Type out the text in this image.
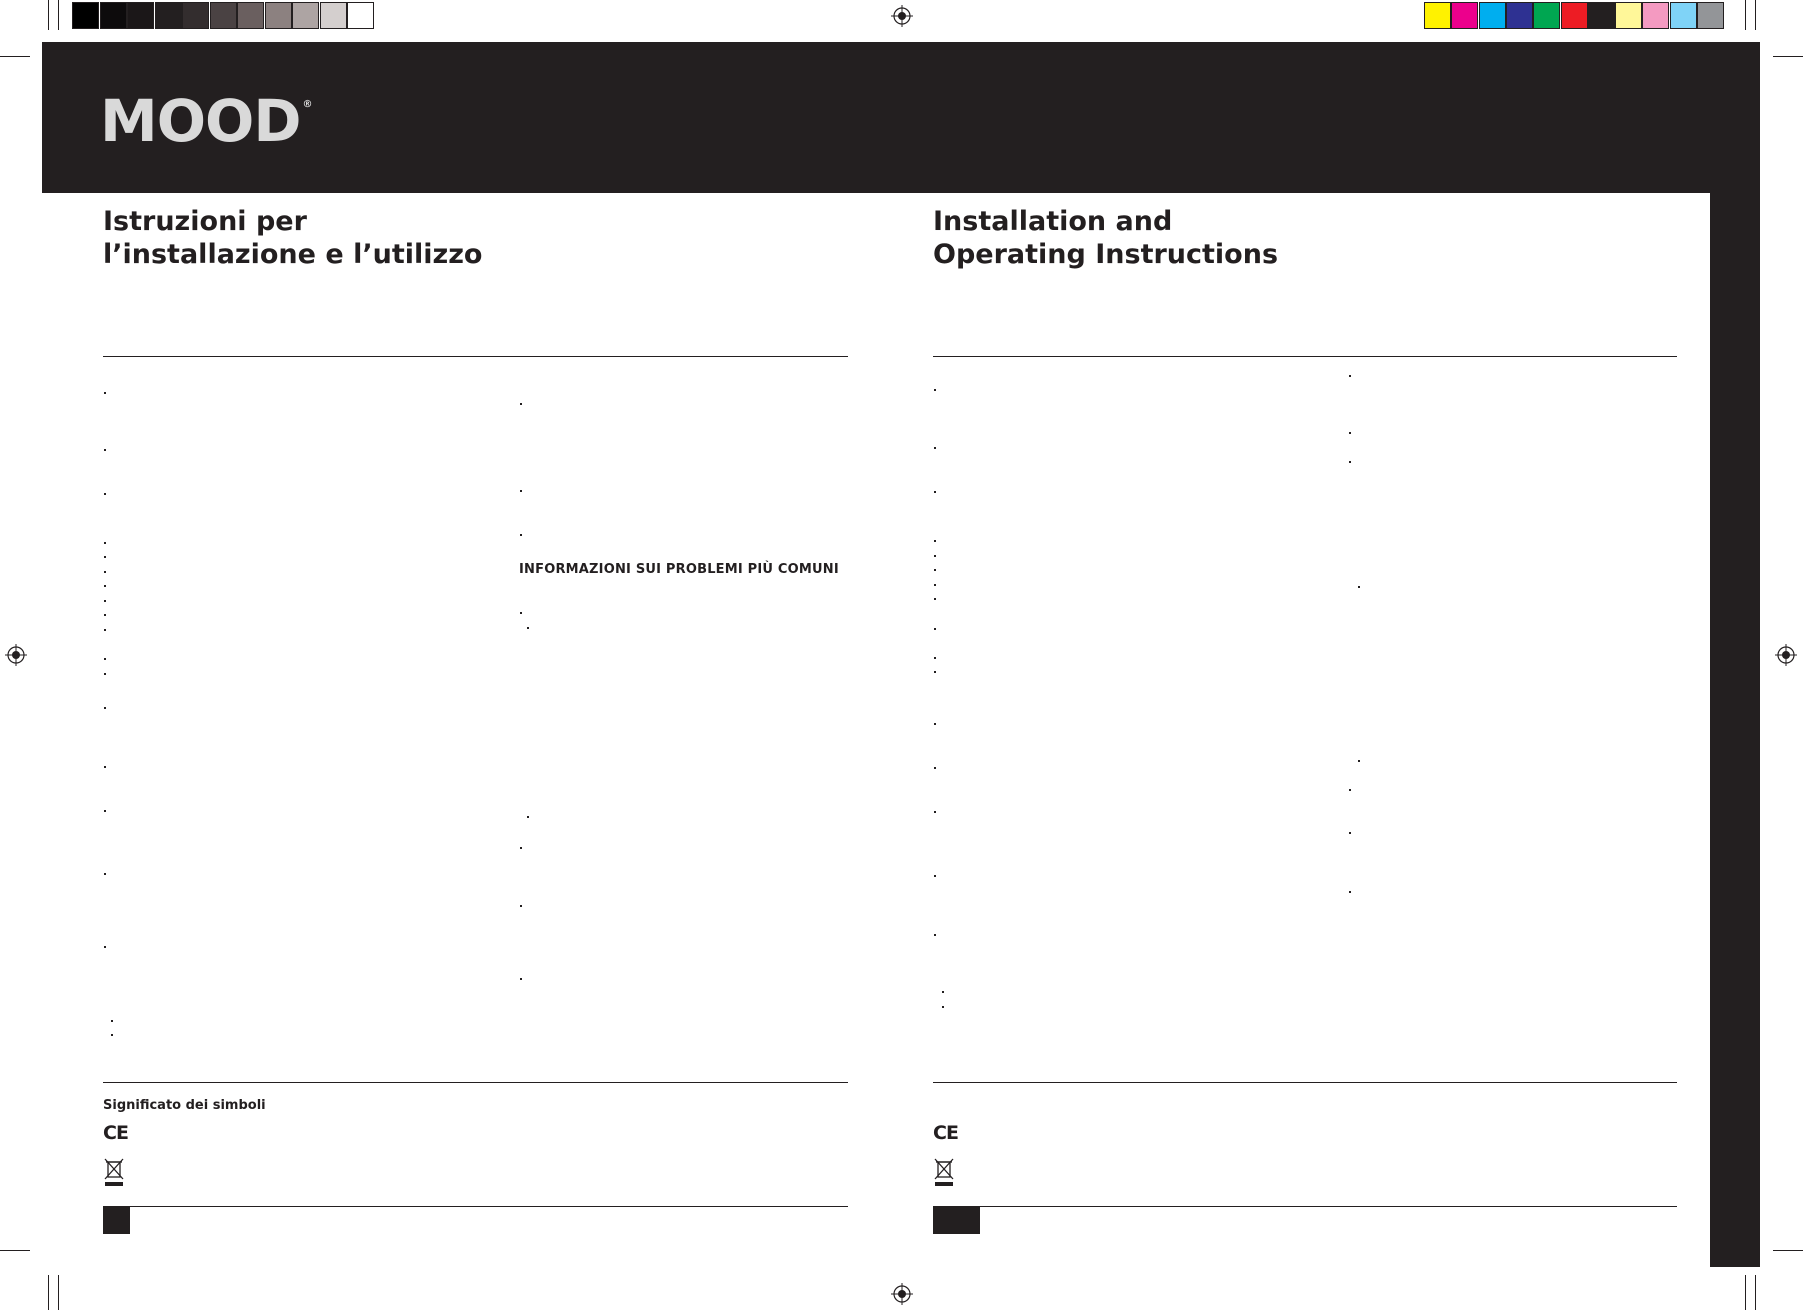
MOOD ®
Istruzioni per
l’installazione e l’utilizzo
Installation and
Operating Instructions
INFORMAZIONI SUI PROBLEMI PIÙ COMUNI
Significato dei simboli
CE	CE
